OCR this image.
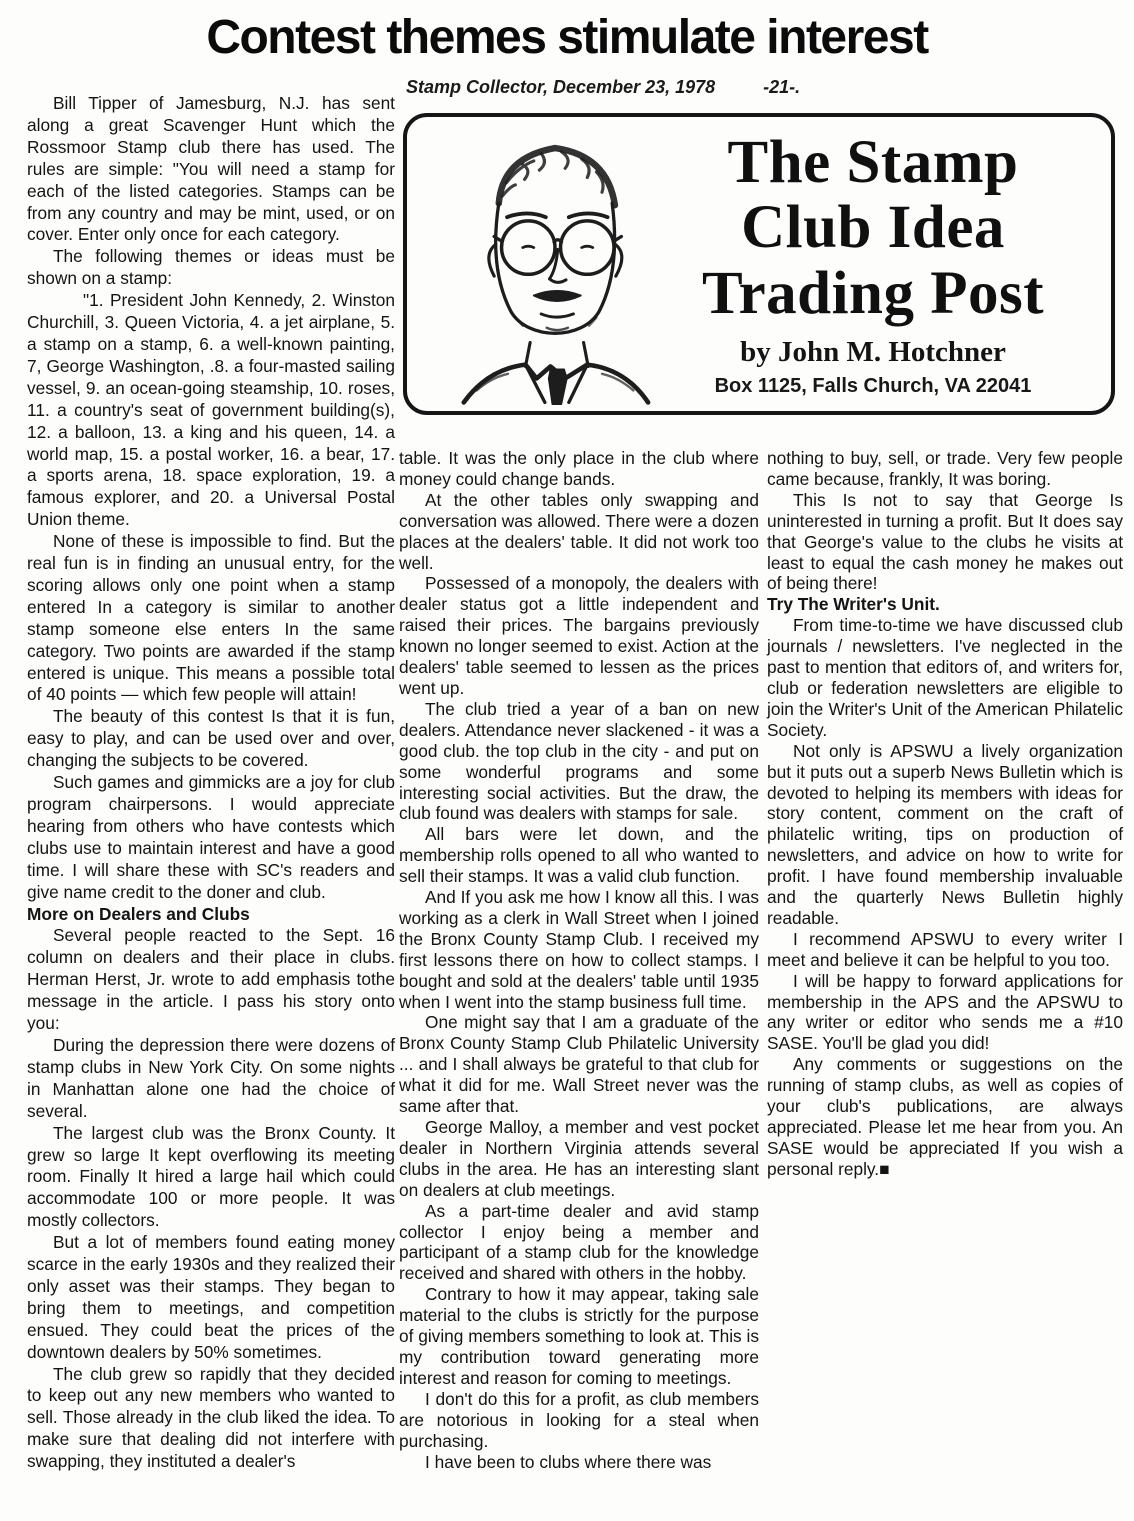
Contest themes stimulate interest
Stamp Collector, December 23, 1978	-21-.

Bill Tipper of Jamesburg, N.J. has sent along a great Scavenger Hunt which the Rossmoor Stamp club there has used. The rules are simple: "You will need a stamp for each of the listed categories. Stamps can be from any country and may be mint, used, or on cover. Enter only once for each category.

The following themes or ideas must be shown on a stamp:

"1. President John Kennedy, 2. Winston Churchill, 3. Queen Victoria, 4. a jet airplane, 5. a stamp on a stamp, 6. a well-known painting, 7, George Washington, .8. a four-masted sailing vessel, 9. an ocean-going steamship, 10. roses, 11. a country's seat of government building(s), 12. a balloon, 13. a king and his queen, 14. a world map, 15. a postal worker, 16. a bear, 17. a sports arena, 18. space exploration, 19. a famous explorer, and 20. a Universal Postal Union theme.

None of these is impossible to find. But the real fun is in finding an unusual entry, for the scoring allows only one point when a stamp entered In a category is similar to another stamp someone else enters In the same category. Two points are awarded if the stamp entered is unique. This means a possible total of 40 points — which few people will attain!

The beauty of this contest Is that it is fun, easy to play, and can be used over and over, changing the subjects to be covered.

Such games and gimmicks are a joy for club program chairpersons. I would appreciate hearing from others who have contests which clubs use to maintain interest and have a good time. I will share these with SC's readers and give name credit to the doner and club.

More on Dealers and Clubs

Several people reacted to the Sept. 16 column on dealers and their place in clubs. Herman Herst, Jr. wrote to add emphasis tothe message in the article. I pass his story onto you:

During the depression there were dozens of stamp clubs in New York City. On some nights in Manhattan alone one had the choice of several.

The largest club was the Bronx County. It grew so large It kept overflowing its meeting room. Finally It hired a large hail which could accommodate 100 or more people. It was mostly collectors.

But a lot of members found eating money scarce in the early 1930s and they realized their only asset was their stamps. They began to bring them to meetings, and competition ensued. They could beat the prices of the downtown dealers by 50% sometimes.

The club grew so rapidly that they decided to keep out any new members who wanted to sell. Those already in the club liked the idea. To make sure that dealing did not interfere with swapping, they instituted a dealer's

The Stamp
Club Idea
Trading Post
by John M. Hotchner
Box 1125, Falls Church, VA 22041

table. It was the only place in the club where money could change bands.

At the other tables only swapping and conversation was allowed. There were a dozen places at the dealers' table. It did not work too well.

Possessed of a monopoly, the dealers with dealer status got a little independent and raised their prices. The bargains previously known no longer seemed to exist. Action at the dealers' table seemed to lessen as the prices went up.

The club tried a year of a ban on new dealers. Attendance never slackened - it was a good club. the top club in the city - and put on some wonderful programs and some interesting social activities. But the draw, the club found was dealers with stamps for sale.

All bars were let down, and the membership rolls opened to all who wanted to sell their stamps. It was a valid club function.

And If you ask me how I know all this. I was working as a clerk in Wall Street when I joined the Bronx County Stamp Club. I received my first lessons there on how to collect stamps. I bought and sold at the dealers' table until 1935 when I went into the stamp business full time.

One might say that I am a graduate of the Bronx County Stamp Club Philatelic University ... and I shall always be grateful to that club for what it did for me. Wall Street never was the same after that.

George Malloy, a member and vest pocket dealer in Northern Virginia attends several clubs in the area. He has an interesting slant on dealers at club meetings.

As a part-time dealer and avid stamp collector I enjoy being a member and participant of a stamp club for the knowledge received and shared with others in the hobby.

Contrary to how it may appear, taking sale material to the clubs is strictly for the purpose of giving members something to look at. This is my contribution toward generating more interest and reason for coming to meetings.

I don't do this for a profit, as club members are notorious in looking for a steal when purchasing.

I have been to clubs where there was

nothing to buy, sell, or trade. Very few people came because, frankly, It was boring.

This Is not to say that George Is uninterested in turning a profit. But It does say that George's value to the clubs he visits at least to equal the cash money he makes out of being there!

Try The Writer's Unit.

From time-to-time we have discussed club journals / newsletters. I've neglected in the past to mention that editors of, and writers for, club or federation newsletters are eligible to join the Writer's Unit of the American Philatelic Society.

Not only is APSWU a lively organization but it puts out a superb News Bulletin which is devoted to helping its members with ideas for story content, comment on the craft of philatelic writing, tips on production of newsletters, and advice on how to write for profit. I have found membership invaluable and the quarterly News Bulletin highly readable.

I recommend APSWU to every writer I meet and believe it can be helpful to you too.

I will be happy to forward applications for membership in the APS and the APSWU to any writer or editor who sends me a #10 SASE. You'll be glad you did!

Any comments or suggestions on the running of stamp clubs, as well as copies of your club's publications, are always appreciated. Please let me hear from you. An SASE would be appreciated If you wish a personal reply.■
